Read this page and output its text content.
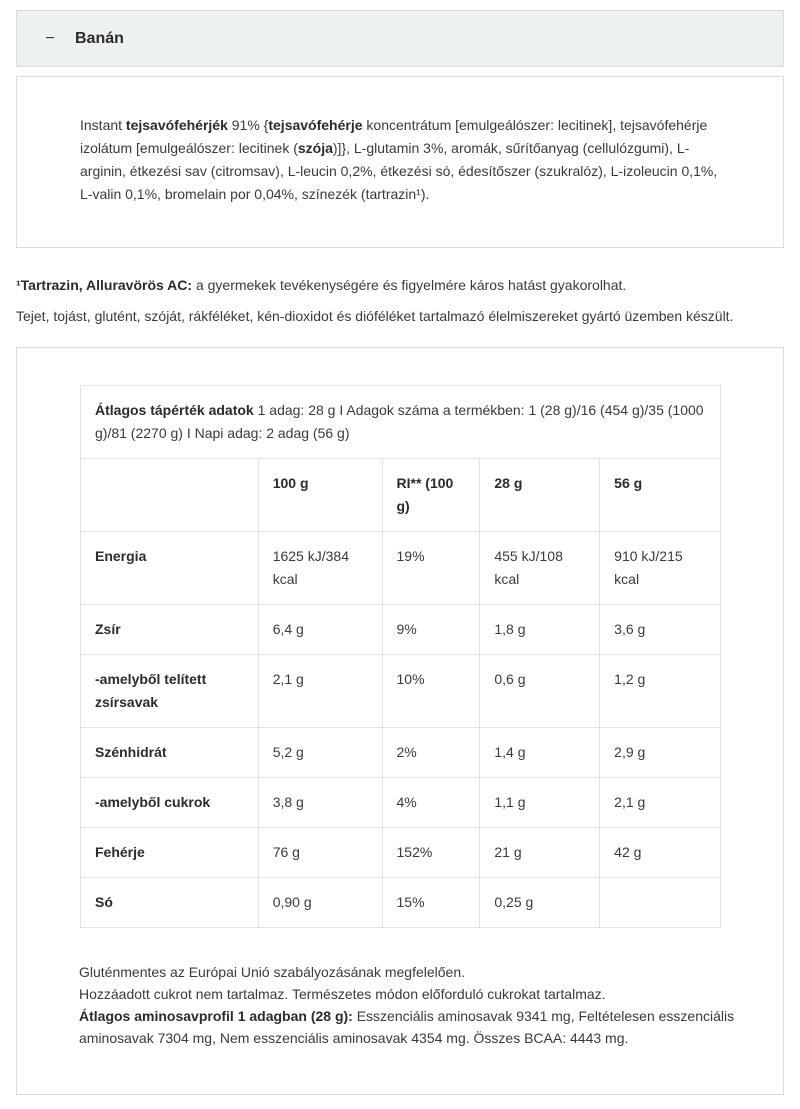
− Banán

Instant tejsavófehérjék 91% {tejsavófehérje koncentrátum [emulgeálószer: lecitinek], tejsavófehérje izolátum [emulgeálószer: lecitinek (szója)]}, L-glutamin 3%, aromák, sűrítőanyag (cellulózgumi), L-arginin, étkezési sav (citromsav), L-leucin 0,2%, étkezési só, édesítőszer (szukralóz), L-izoleucin 0,1%, L-valin 0,1%, bromelain por 0,04%, színezék (tartrazin¹).

¹Tartrazin, Alluravörös AC: a gyermekek tevékenységére és figyelmére káros hatást gyakorolhat.

Tejet, tojást, glutént, szóját, rákféléket, kén-dioxidot és dióféléket tartalmazó élelmiszereket gyártó üzemben készült.

Átlagos tápérték adatok 1 adag: 28 g I Adagok száma a termékben: 1 (28 g)/16 (454 g)/35 (1000 g)/81 (2270 g) I Napi adag: 2 adag (56 g)				
	100 g	RI** (100 g)	28 g	56 g
Energia	1625 kJ/384 kcal	19%	455 kJ/108 kcal	910 kJ/215 kcal
Zsír	6,4 g	9%	1,8 g	3,6 g
-amelyből telített zsírsavak	2,1 g	10%	0,6 g	1,2 g
Szénhidrát	5,2 g	2%	1,4 g	2,9 g
-amelyből cukrok	3,8 g	4%	1,1 g	2,1 g
Fehérje	76 g	152%	21 g	42 g
Só	0,90 g	15%	0,25 g	
Gluténmentes az Európai Unió szabályozásának megfelelően.
Hozzáadott cukrot nem tartalmaz. Természetes módon előforduló cukrokat tartalmaz.
Átlagos aminosavprofil 1 adagban (28 g): Esszenciális aminosavak 9341 mg, Feltételesen esszenciális aminosavak 7304 mg, Nem esszenciális aminosavak 4354 mg. Összes BCAA: 4443 mg.
